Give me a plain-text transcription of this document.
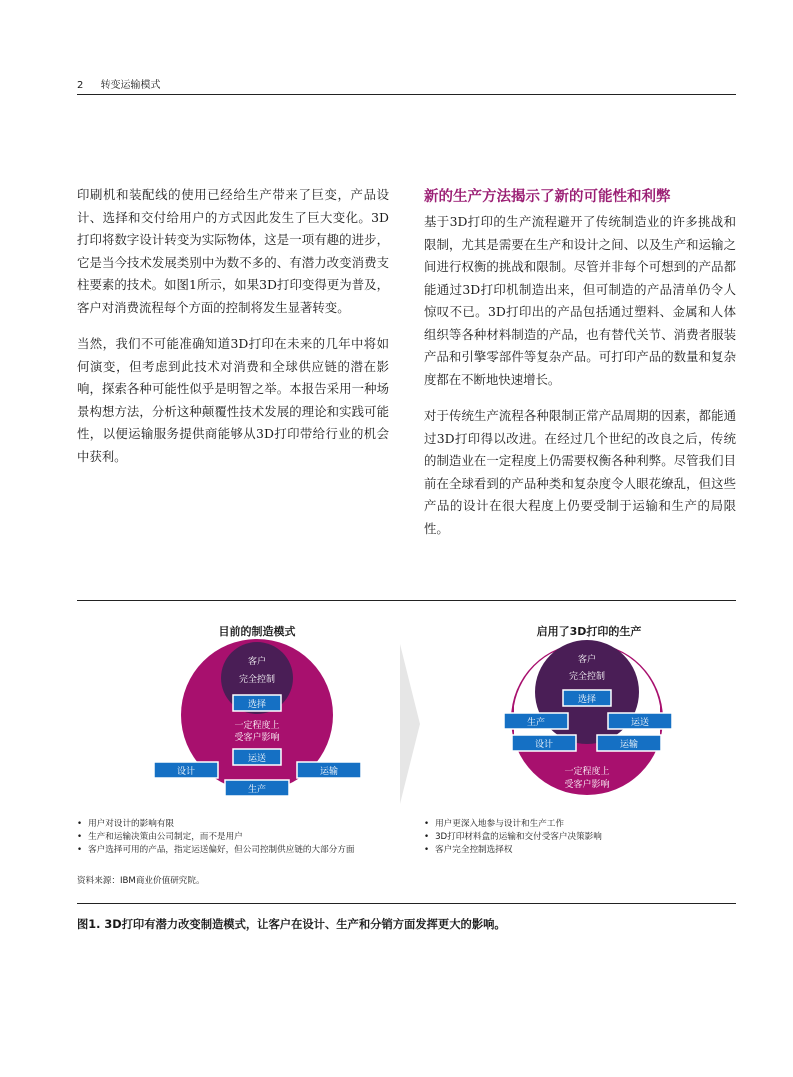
2 转变运输模式

印刷机和装配线的使用已经给生产带来了巨变，产品设计、选择和交付给用户的方式因此发生了巨大变化。3D打印将数字设计转变为实际物体，这是一项有趣的进步，它是当今技术发展类别中为数不多的、有潜力改变消费支柱要素的技术。如图1所示，如果3D打印变得更为普及，客户对消费流程每个方面的控制将发生显著转变。

当然，我们不可能准确知道3D打印在未来的几年中将如何演变，但考虑到此技术对消费和全球供应链的潜在影响，探索各种可能性似乎是明智之举。本报告采用一种场景构想方法，分析这种颠覆性技术发展的理论和实践可能性，以便运输服务提供商能够从3D打印带给行业的机会中获利。

新的生产方法揭示了新的可能性和利弊

基于3D打印的生产流程避开了传统制造业的许多挑战和限制，尤其是需要在生产和设计之间、以及生产和运输之间进行权衡的挑战和限制。尽管并非每个可想到的产品都能通过3D打印机制造出来，但可制造的产品清单仍令人惊叹不已。3D打印出的产品包括通过塑料、金属和人体组织等各种材料制造的产品，也有替代关节、消费者服装产品和引擎零部件等复杂产品。可打印产品的数量和复杂度都在不断地快速增长。

对于传统生产流程各种限制正常产品周期的因素，都能通过3D打印得以改进。在经过几个世纪的改良之后，传统的制造业在一定程度上仍需要权衡各种利弊。尽管我们目前在全球看到的产品种类和复杂度令人眼花缭乱，但这些产品的设计在很大程度上仍要受制于运输和生产的局限性。

目前的制造模式	启用了3D打印的生产
客户
完全控制
选择
一定程度上
受客户影响
运送
设计	运输
生产
客户
完全控制
选择
生产	运送
设计	运输
一定程度上
受客户影响
• 用户对设计的影响有限
• 生产和运输决策由公司制定，而不是用户
• 客户选择可用的产品，指定运送偏好，但公司控制供应链的大部分方面
• 用户更深入地参与设计和生产工作
• 3D打印材料盒的运输和交付受客户决策影响
• 客户完全控制选择权
资料来源：IBM商业价值研究院。
图1. 3D打印有潜力改变制造模式，让客户在设计、生产和分销方面发挥更大的影响。
